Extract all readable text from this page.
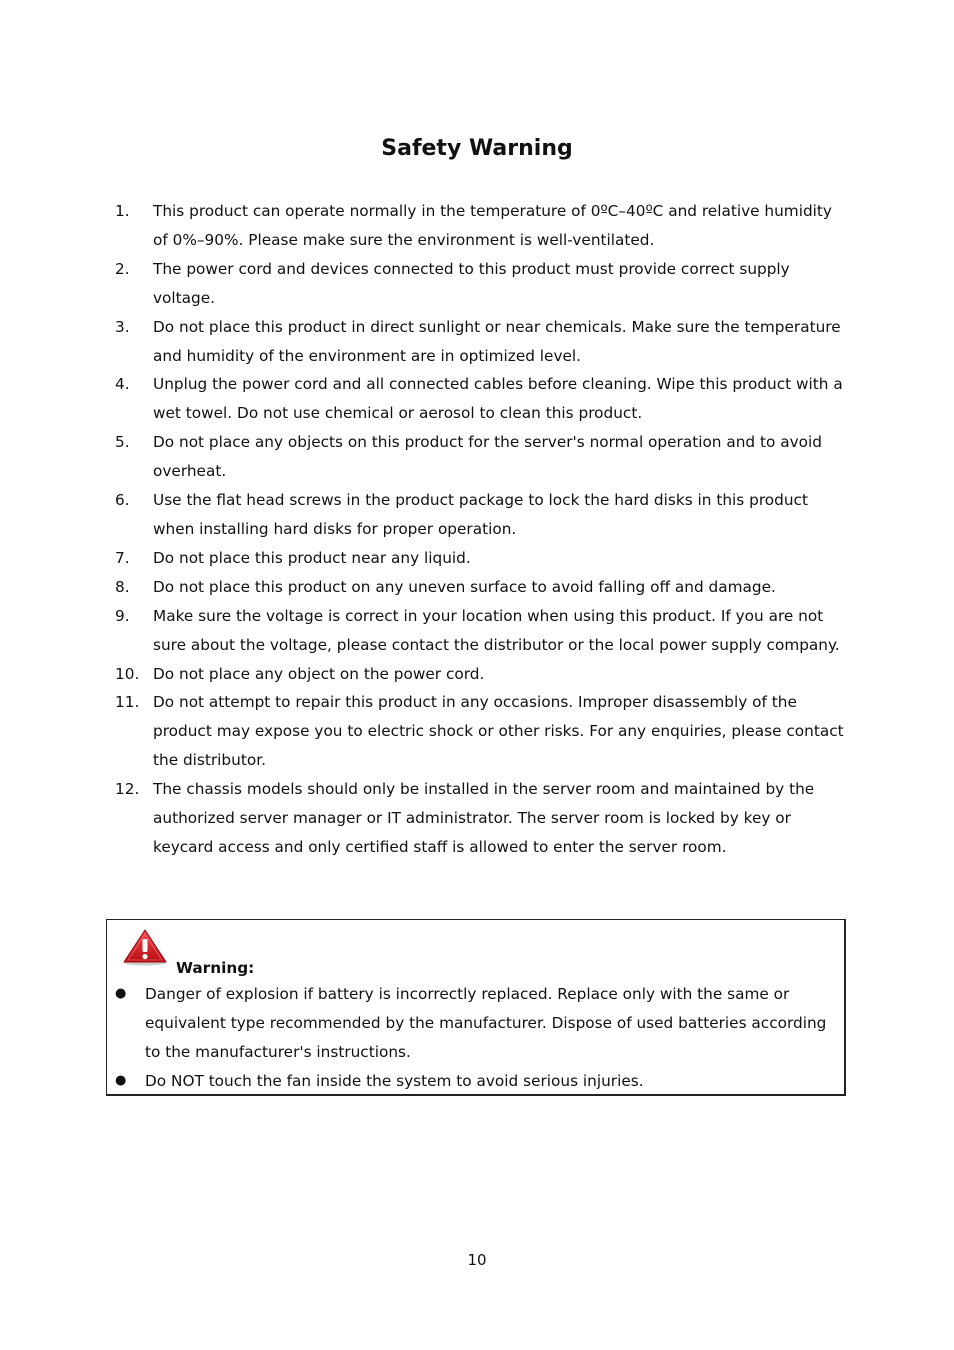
Safety Warning
1. This product can operate normally in the temperature of 0ºC–40ºC and relative humidity of 0%–90%. Please make sure the environment is well-ventilated.
2. The power cord and devices connected to this product must provide correct supply voltage.
3. Do not place this product in direct sunlight or near chemicals. Make sure the temperature and humidity of the environment are in optimized level.
4. Unplug the power cord and all connected cables before cleaning. Wipe this product with a wet towel. Do not use chemical or aerosol to clean this product.
5. Do not place any objects on this product for the server's normal operation and to avoid overheat.
6. Use the flat head screws in the product package to lock the hard disks in this product when installing hard disks for proper operation.
7. Do not place this product near any liquid.
8. Do not place this product on any uneven surface to avoid falling off and damage.
9. Make sure the voltage is correct in your location when using this product. If you are not sure about the voltage, please contact the distributor or the local power supply company.
10. Do not place any object on the power cord.
11. Do not attempt to repair this product in any occasions. Improper disassembly of the product may expose you to electric shock or other risks. For any enquiries, please contact the distributor.
12. The chassis models should only be installed in the server room and maintained by the authorized server manager or IT administrator. The server room is locked by key or keycard access and only certified staff is allowed to enter the server room.
Warning:
● Danger of explosion if battery is incorrectly replaced. Replace only with the same or equivalent type recommended by the manufacturer. Dispose of used batteries according to the manufacturer's instructions.
● Do NOT touch the fan inside the system to avoid serious injuries.
10
